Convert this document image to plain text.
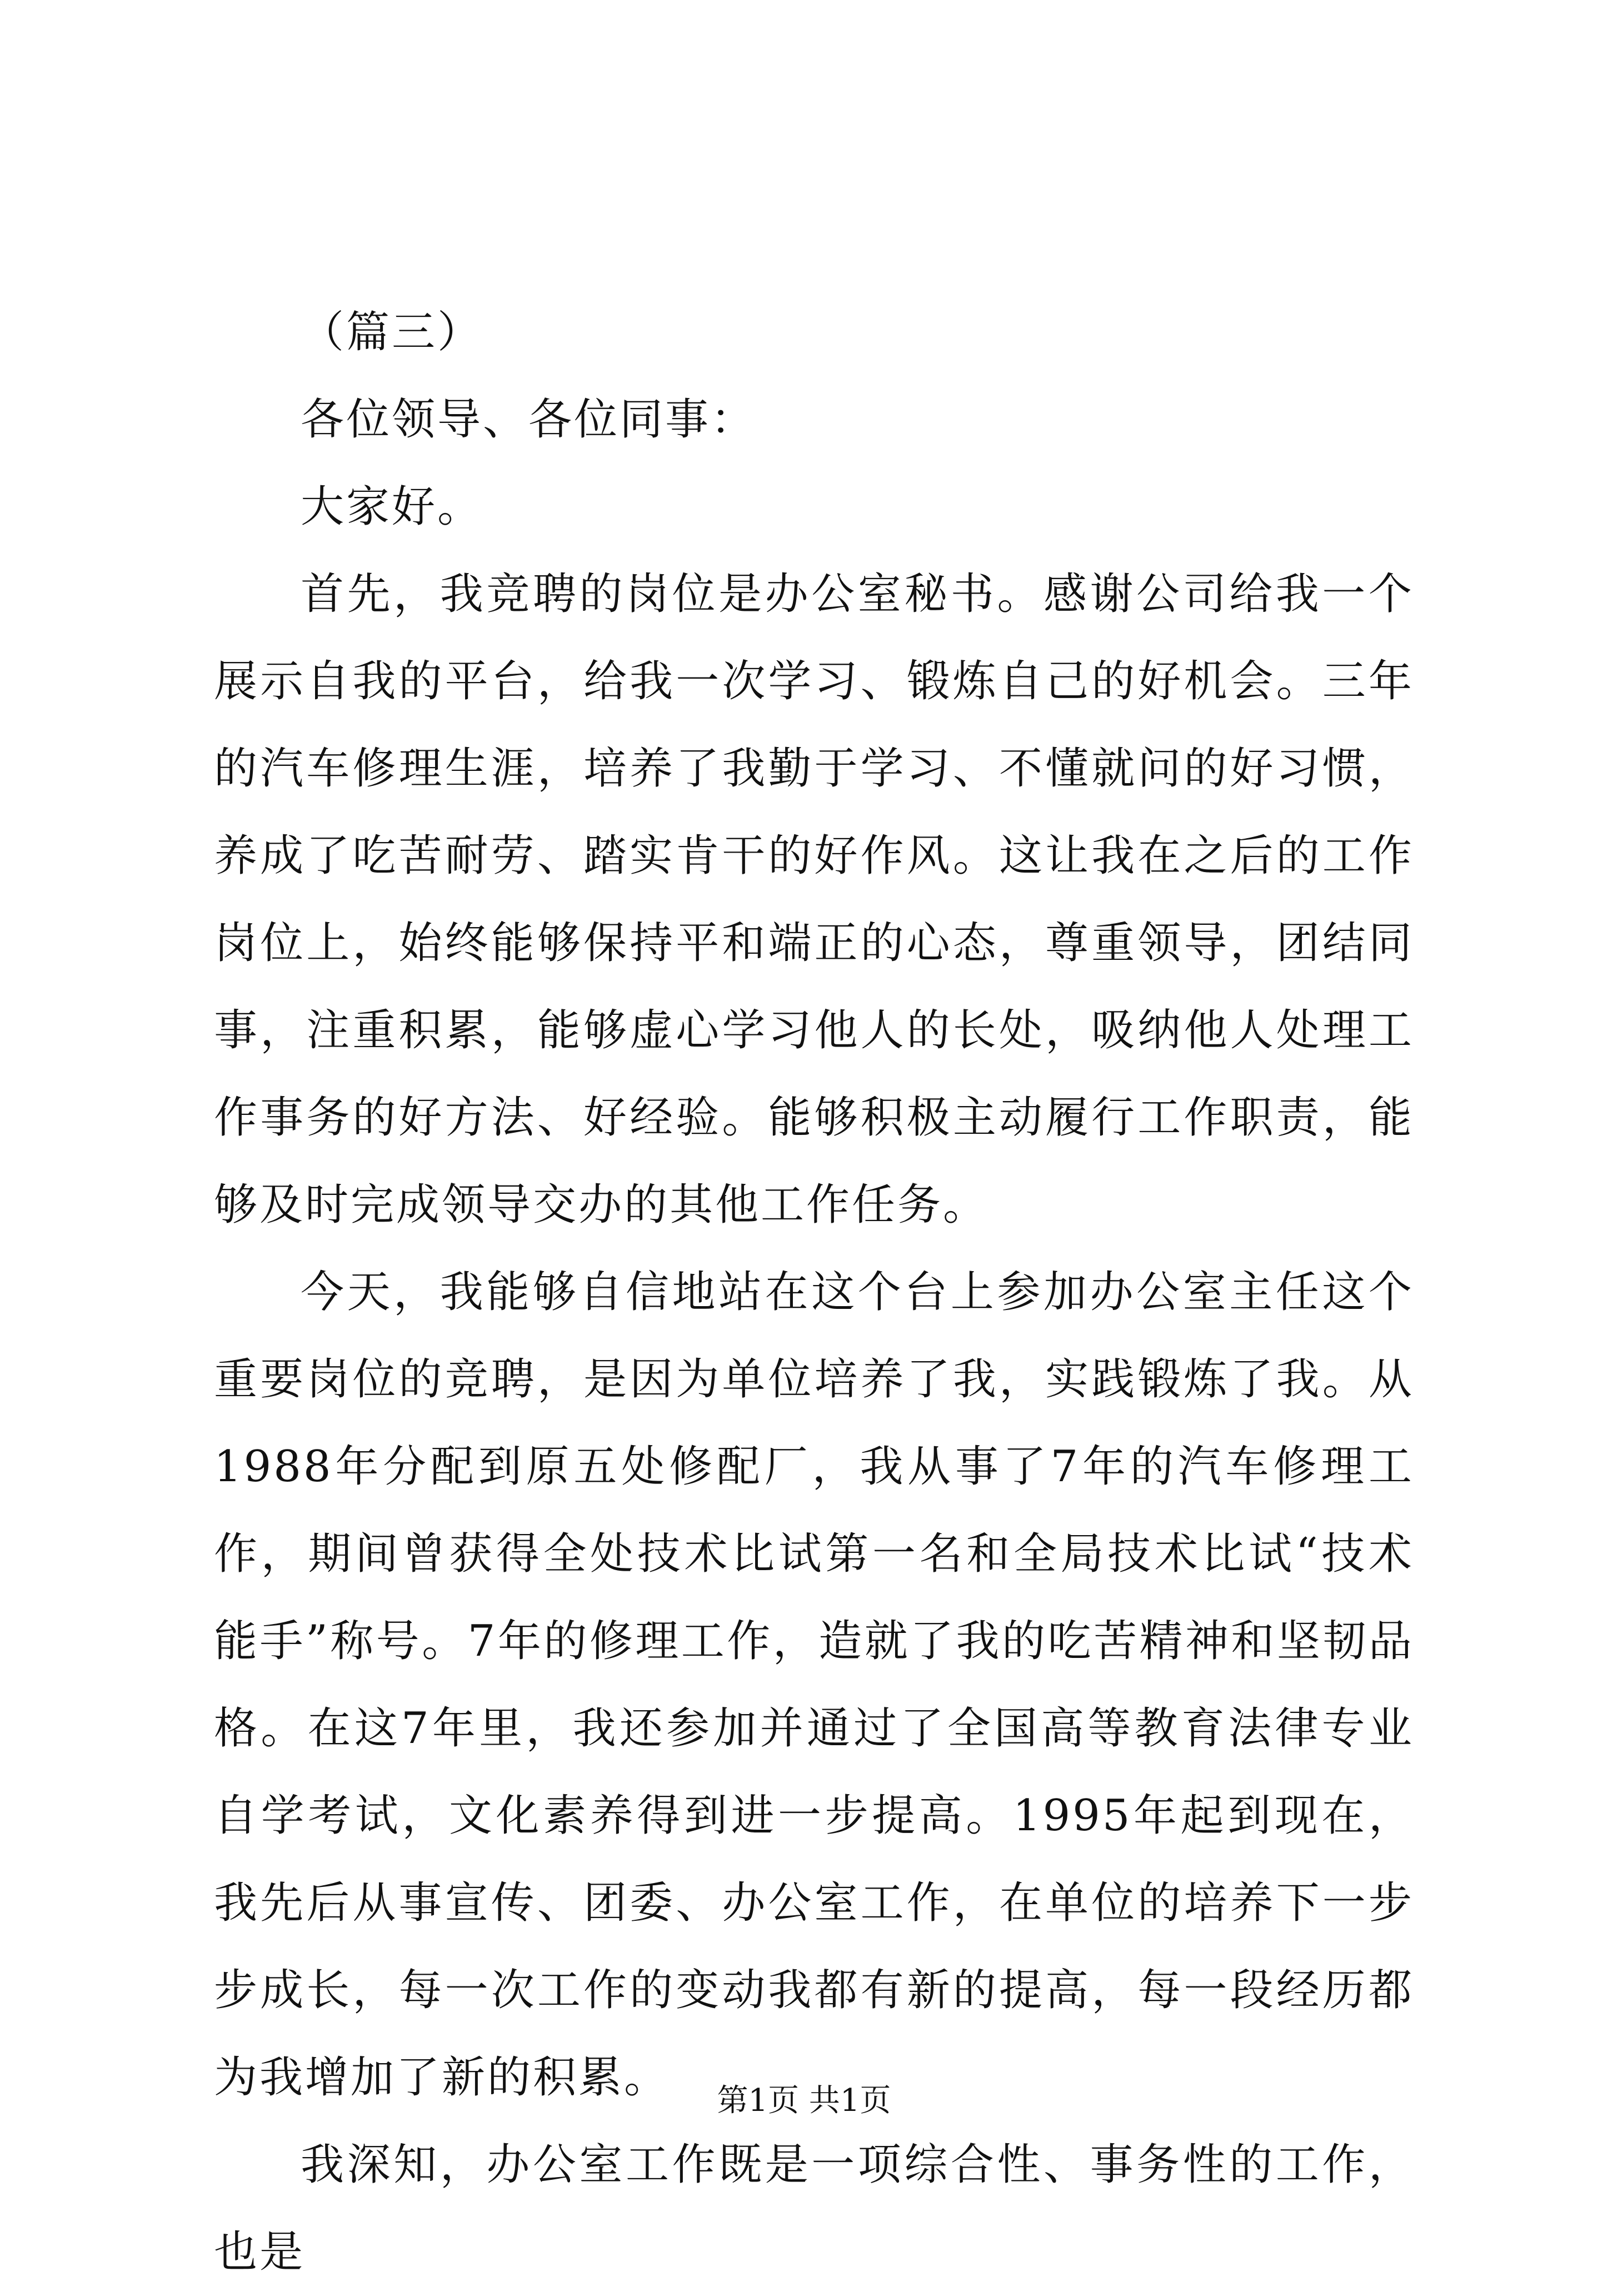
（篇三）

各位领导、各位同事：

大家好。

首先，我竞聘的岗位是办公室秘书。感谢公司给我一个展示自我的平台，给我一次学习、锻炼自己的好机会。三年的汽车修理生涯，培养了我勤于学习、不懂就问的好习惯，养成了吃苦耐劳、踏实肯干的好作风。这让我在之后的工作岗位上，始终能够保持平和端正的心态，尊重领导，团结同事，注重积累，能够虚心学习他人的长处，吸纳他人处理工作事务的好方法、好经验。能够积极主动履行工作职责，能够及时完成领导交办的其他工作任务。

今天，我能够自信地站在这个台上参加办公室主任这个重要岗位的竞聘，是因为单位培养了我，实践锻炼了我。从1988年分配到原五处修配厂，我从事了7年的汽车修理工作，期间曾获得全处技术比试第一名和全局技术比试“技术能手”称号。7年的修理工作，造就了我的吃苦精神和坚韧品格。在这7年里，我还参加并通过了全国高等教育法律专业自学考试，文化素养得到进一步提高。1995年起到现在，我先后从事宣传、团委、办公室工作，在单位的培养下一步步成长，每一次工作的变动我都有新的提高，每一段经历都为我增加了新的积累。

我深知，办公室工作既是一项综合性、事务性的工作，也是

第1页 共1页
